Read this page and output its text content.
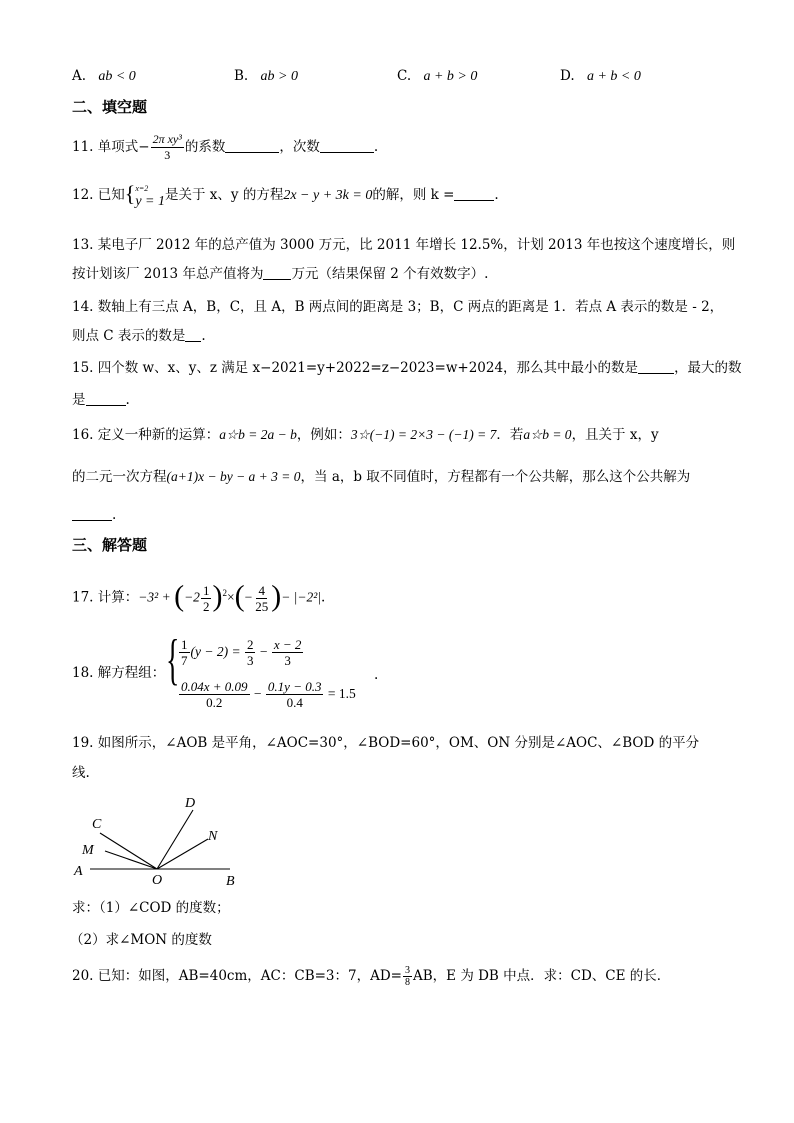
A. ab < 0	B. ab > 0	C. a + b > 0	D. a + b < 0
二、填空题
11. 单项式− $\frac{\text{2π xy³}}{3}$ 的系数	，次数	.
12. 已知{ x=2
y = 1 是关于 x、y 的方程2x − y + 3k = 0的解，则 k =	.
13. 某电子厂 2012 年的总产值为 3000 万元，比 2011 年增长 12.5%，计划 2013 年也按这个速度增长，则
按计划该厂 2013 年总产值将为 万元（结果保留 2 个有效数字）.
14. 数轴上有三点 A，B，C，且 A，B 两点间的距离是 3；B，C 两点的距离是 1．若点 A 表示的数是 - 2，
则点 C 表示的数是 .
15. 四个数 w、x、y、z 满足 x−2021=y+2022=z−2023=w+2024，那么其中最小的数是	，最大的数
是	.
16. 定义一种新的运算：a☆b = 2a − b，例如：3☆(−1) = 2×3 − (−1) = 7．若a☆b = 0，且关于 x，y
的二元一次方程(a+1)x − by − a + 3 = 0，当 a，b 取不同值时，方程都有一个公共解，那么这个公共解为
.
三、解答题
17. 计算：$-3^2 + (-2 \frac{1}{2} )^2\times(- \frac{4}{25}$ )− |−2²|.
18. 解方程组： { $\frac{1}{7} (y - 2) = \frac{2}{3} - \frac{x - 2}{3}$
$\frac{0.04x + 0.09}{0.2} - \frac{0.1y - 0.3}{0.4} = 1.5$
.
19. 如图所示，∠AOB 是平角，∠AOC=30°，∠BOD=60°，OM、ON 分别是∠AOC、∠BOD 的平分
线.
A
B
O
C
D
M
N
求：（1）∠COD 的度数；
（2）求∠MON 的度数
20. 已知：如图，AB=40cm，AC：CB=3：7，$AD= \frac{3}{8}$ AB，E 为 DB 中点．求：CD、CE 的长．
